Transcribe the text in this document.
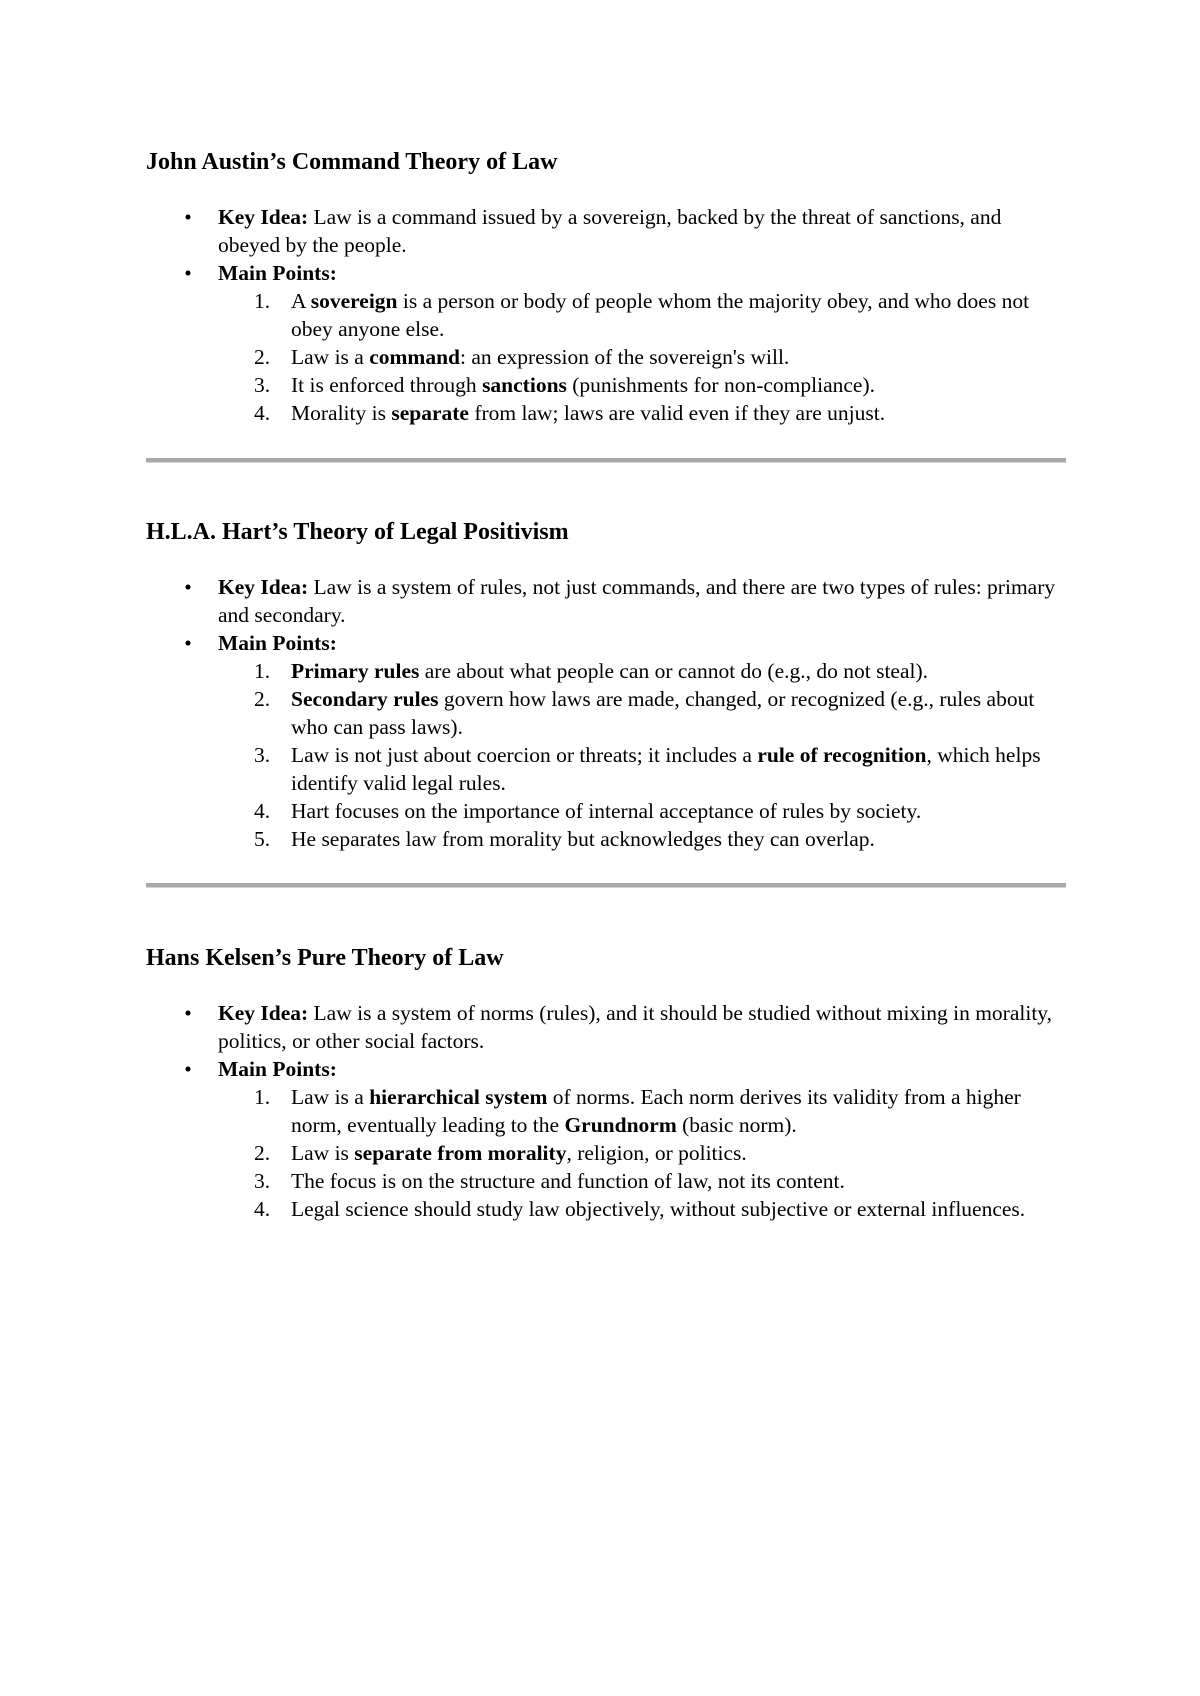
John Austin’s Command Theory of Law
• Key Idea: Law is a command issued by a sovereign, backed by the threat of sanctions, and obeyed by the people.
• Main Points:
1. A sovereign is a person or body of people whom the majority obey, and who does not obey anyone else.
2. Law is a command: an expression of the sovereign's will.
3. It is enforced through sanctions (punishments for non-compliance).
4. Morality is separate from law; laws are valid even if they are unjust.
H.L.A. Hart’s Theory of Legal Positivism
• Key Idea: Law is a system of rules, not just commands, and there are two types of rules: primary and secondary.
• Main Points:
1. Primary rules are about what people can or cannot do (e.g., do not steal).
2. Secondary rules govern how laws are made, changed, or recognized (e.g., rules about who can pass laws).
3. Law is not just about coercion or threats; it includes a rule of recognition, which helps identify valid legal rules.
4. Hart focuses on the importance of internal acceptance of rules by society.
5. He separates law from morality but acknowledges they can overlap.
Hans Kelsen’s Pure Theory of Law
• Key Idea: Law is a system of norms (rules), and it should be studied without mixing in morality, politics, or other social factors.
• Main Points:
1. Law is a hierarchical system of norms. Each norm derives its validity from a higher norm, eventually leading to the Grundnorm (basic norm).
2. Law is separate from morality, religion, or politics.
3. The focus is on the structure and function of law, not its content.
4. Legal science should study law objectively, without subjective or external influences.
